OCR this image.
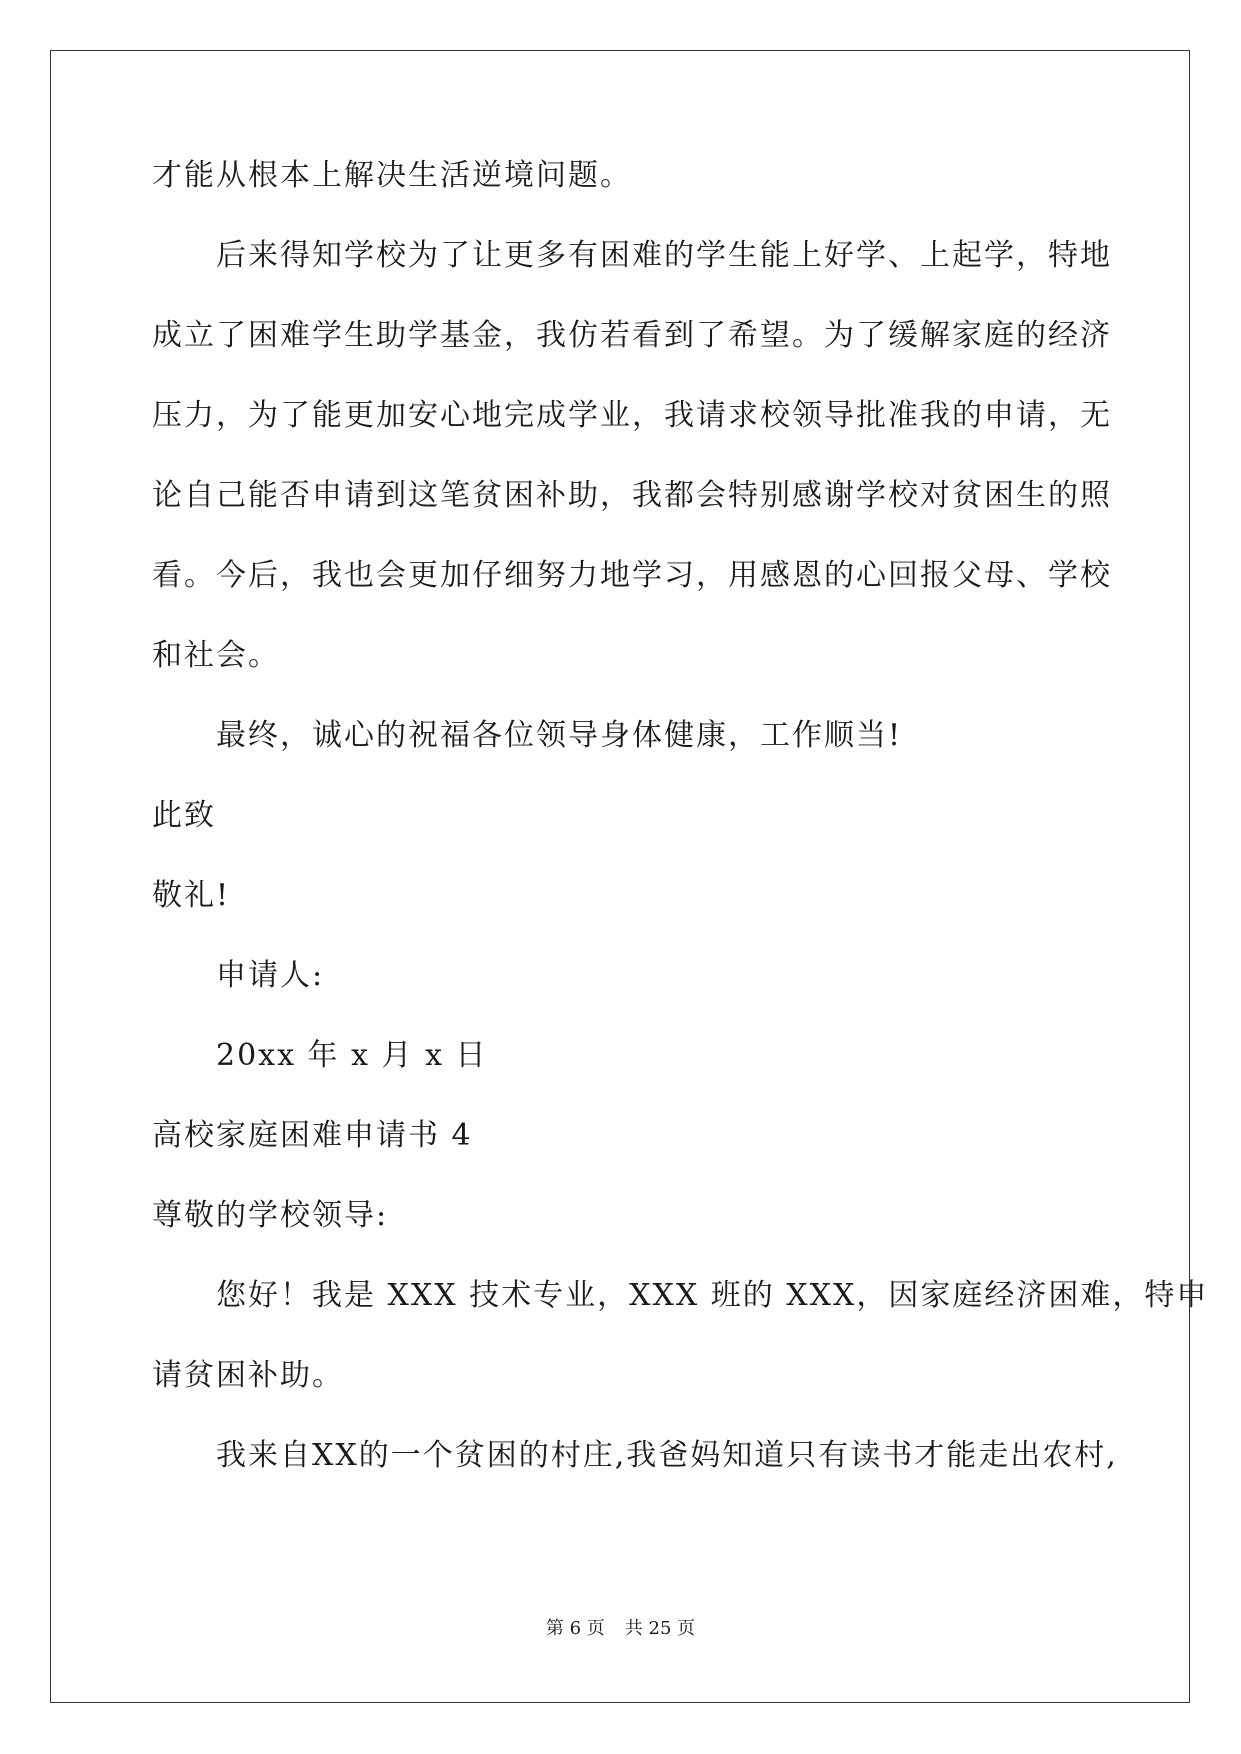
才能从根本上解决生活逆境问题。
后来得知学校为了让更多有困难的学生能上好学、上起学，特地
成立了困难学生助学基金，我仿若看到了希望。为了缓解家庭的经济
压力，为了能更加安心地完成学业，我请求校领导批准我的申请，无
论自己能否申请到这笔贫困补助，我都会特别感谢学校对贫困生的照
看。今后，我也会更加仔细努力地学习，用感恩的心回报父母、学校
和社会。
最终，诚心的祝福各位领导身体健康，工作顺当!
此致
敬礼!
申请人:
20xx 年 x 月 x 日
高校家庭困难申请书 4
尊敬的学校领导:
您好！我是 XXX 技术专业，XXX 班的 XXX，因家庭经济困难，特申
请贫困补助。
我来自XX的一个贫困的村庄,我爸妈知道只有读书才能走出农村,
第 6 页 共 25 页
